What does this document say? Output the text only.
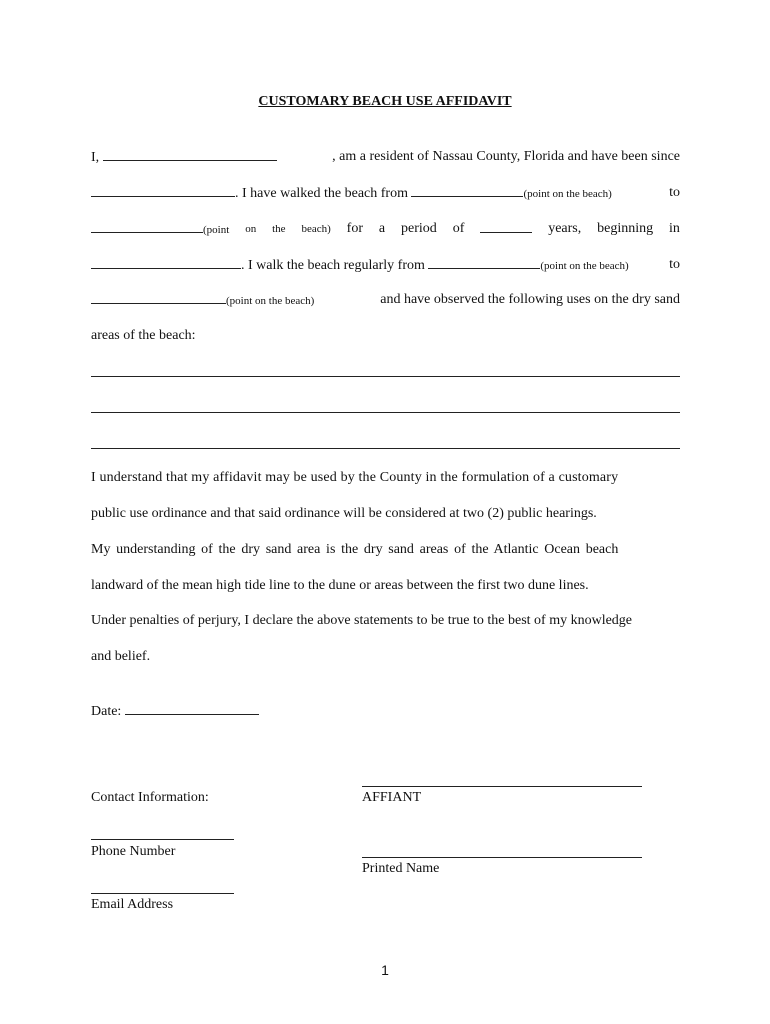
CUSTOMARY BEACH USE AFFIDAVIT
I,	, am a resident of Nassau County, Florida and have been since
. I have walked the beach from	(point on the beach)	to
(point on the beach) for a period of	years, beginning in
. I walk the beach regularly from	(point on the beach)	to
(point on the beach)	and have observed the following uses on the dry sand
areas of the beach:
I understand that my affidavit may be used by the County in the formulation of a customary
public use ordinance and that said ordinance will be considered at two (2) public hearings.
My understanding of the dry sand area is the dry sand areas of the Atlantic Ocean beach
landward of the mean high tide line to the dune or areas between the first two dune lines.
Under penalties of perjury, I declare the above statements to be true to the best of my knowledge
and belief.
Date:
Contact Information:	AFFIANT
Phone Number
Printed Name
Email Address
1
